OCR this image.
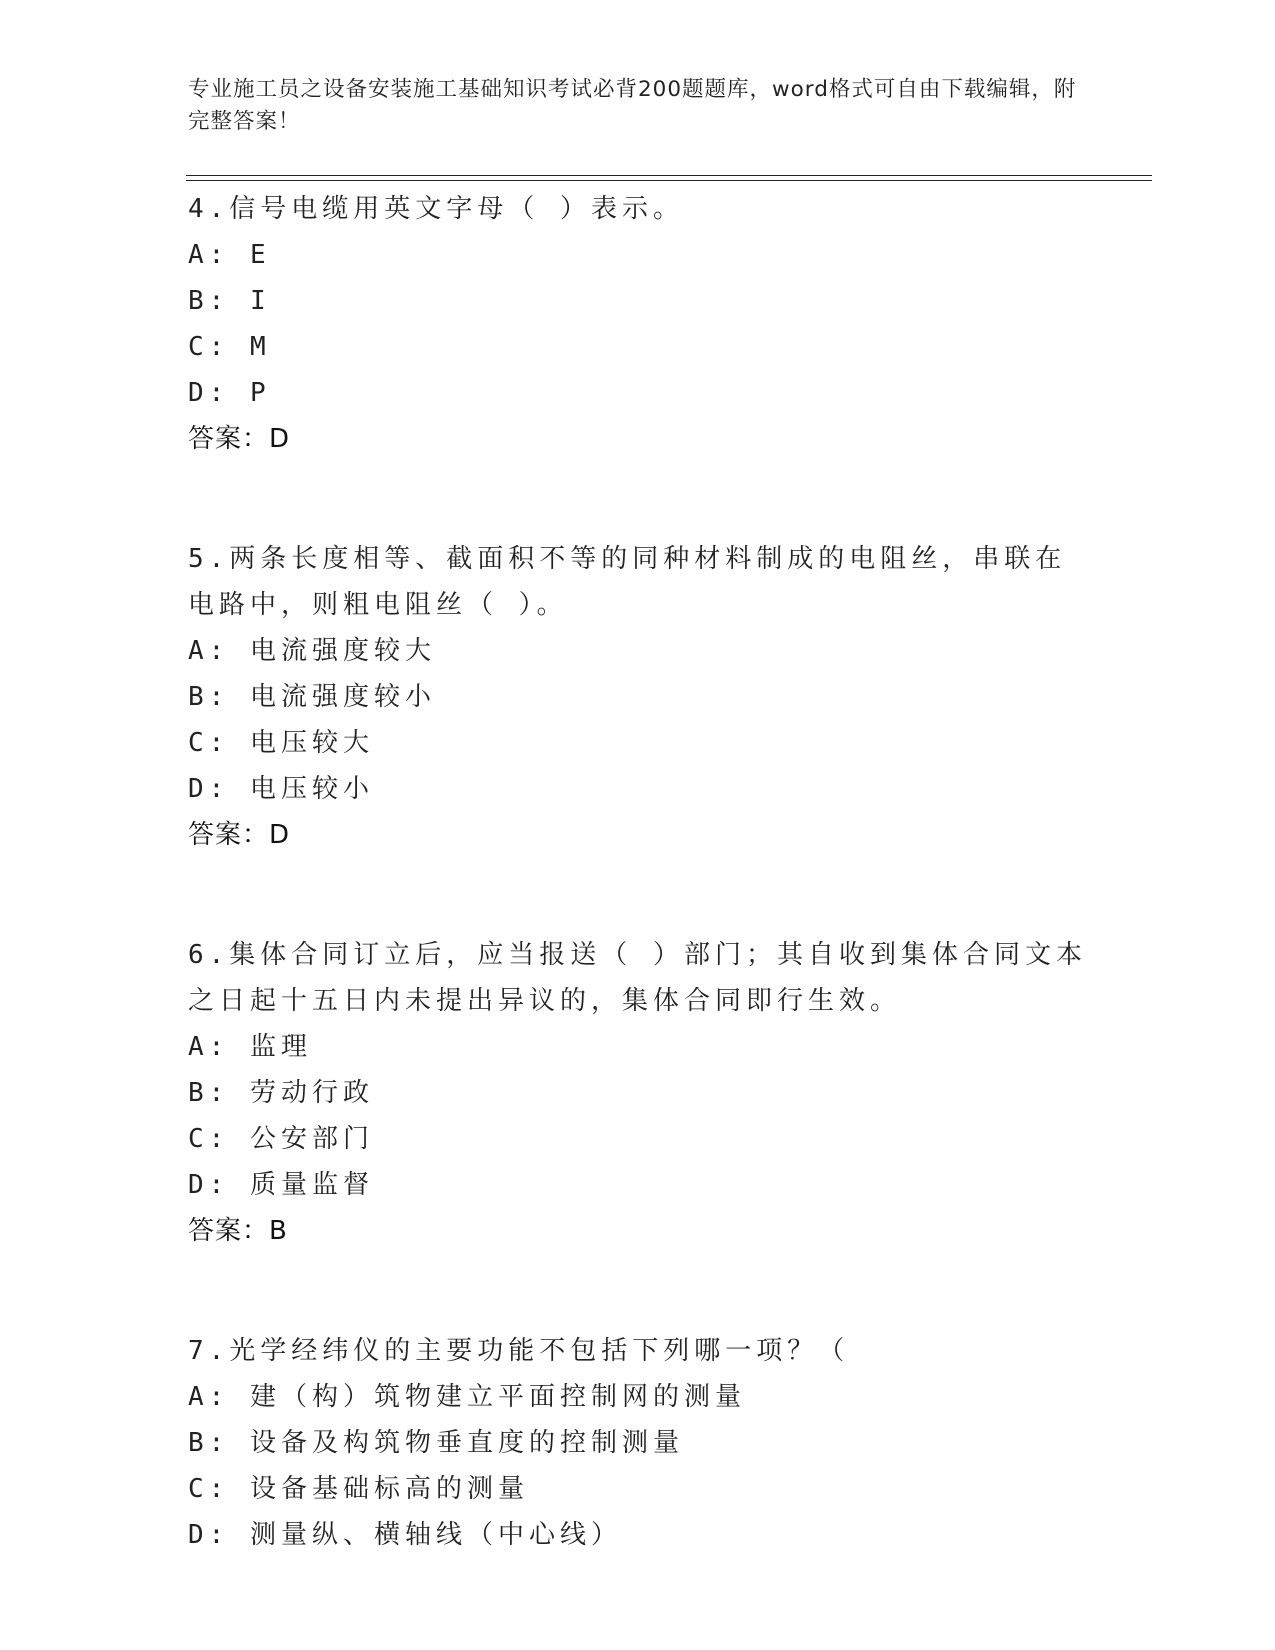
专业施工员之设备安装施工基础知识考试必背200题题库，word格式可自由下载编辑，附完整答案！

4.信号电缆用英文字母（ ）表示。

A: E

B: I

C: M

D: P

答案：D

5.两条长度相等、截面积不等的同种材料制成的电阻丝，串联在电路中，则粗电阻丝（ ）。

A: 电流强度较大

B: 电流强度较小

C: 电压较大

D: 电压较小

答案：D

6.集体合同订立后，应当报送（ ）部门；其自收到集体合同文本之日起十五日内未提出异议的，集体合同即行生效。

A: 监理

B: 劳动行政

C: 公安部门

D: 质量监督

答案：B

7.光学经纬仪的主要功能不包括下列哪一项？（

A: 建（构）筑物建立平面控制网的测量

B: 设备及构筑物垂直度的控制测量

C: 设备基础标高的测量

D: 测量纵、横轴线（中心线）
